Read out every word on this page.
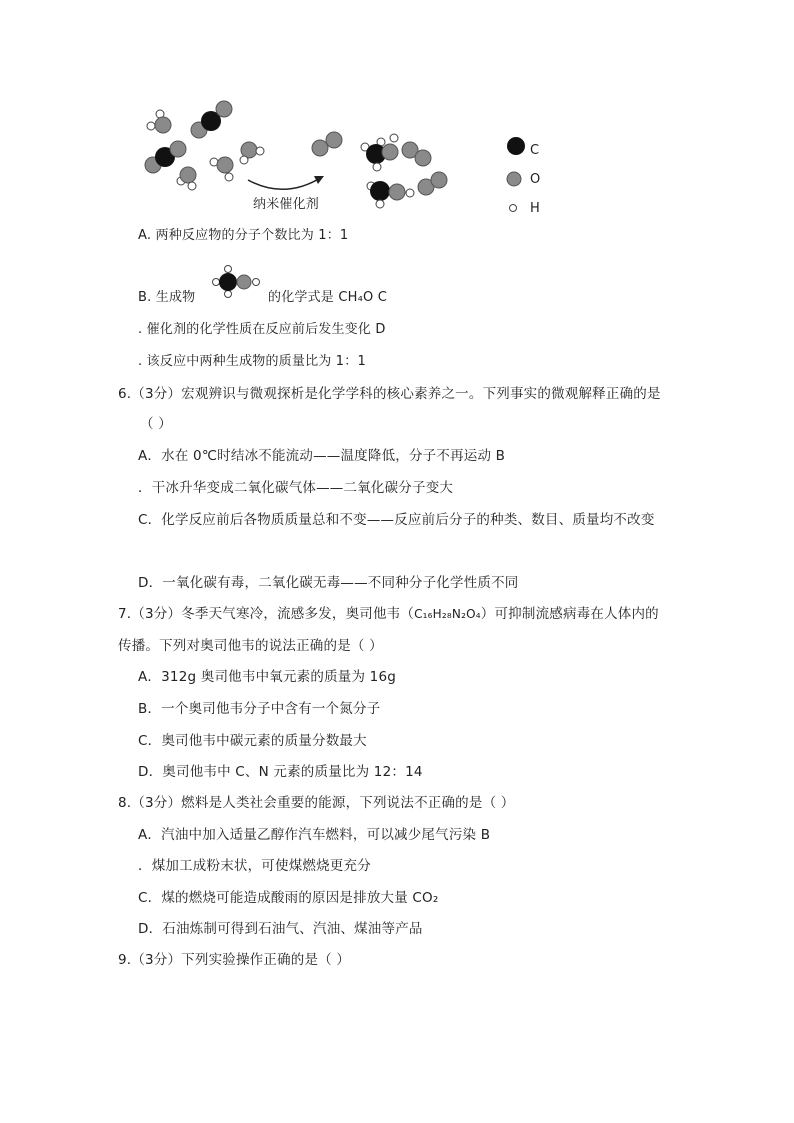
纳米催化剂
C
O
H
A. 两种反应物的分子个数比为 1：1
B. 生成物	的化学式是 CH₄O C
. 催化剂的化学性质在反应前后发生变化 D
. 该反应中两种生成物的质量比为 1：1
6.（3分）宏观辨识与微观探析是化学学科的核心素养之一。下列事实的微观解释正确的是
（ ）
A．水在 0℃时结冰不能流动——温度降低，分子不再运动 B
．干冰升华变成二氧化碳气体——二氧化碳分子变大
C．化学反应前后各物质质量总和不变——反应前后分子的种类、数目、质量均不改变
D．一氧化碳有毒，二氧化碳无毒——不同种分子化学性质不同
7.（3分）冬季天气寒冷，流感多发，奥司他韦（C₁₆H₂₈N₂O₄）可抑制流感病毒在人体内的
传播。下列对奥司他韦的说法正确的是（ ）
A．312g 奥司他韦中氧元素的质量为 16g
B．一个奥司他韦分子中含有一个氮分子
C．奥司他韦中碳元素的质量分数最大
D．奥司他韦中 C、N 元素的质量比为 12：14
8.（3分）燃料是人类社会重要的能源，下列说法不正确的是（ ）
A．汽油中加入适量乙醇作汽车燃料，可以减少尾气污染 B
．煤加工成粉末状，可使煤燃烧更充分
C．煤的燃烧可能造成酸雨的原因是排放大量 CO₂
D．石油炼制可得到石油气、汽油、煤油等产品
9.（3分）下列实验操作正确的是（ ）
